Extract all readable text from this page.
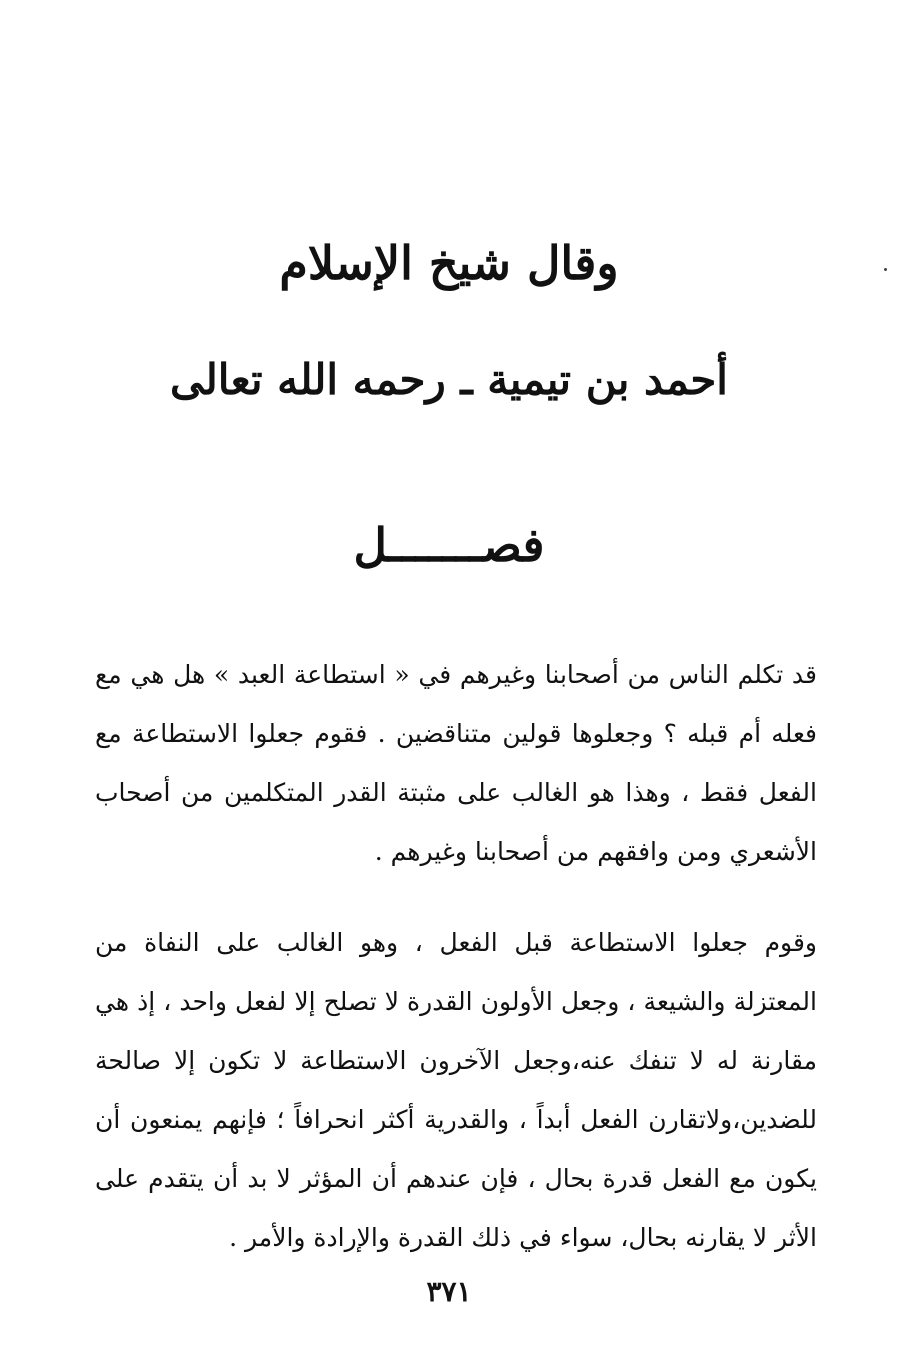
وقال شيخ الإسلام
أحمد بن تيمية ـ رحمه الله تعالى
فصـــــــل

قد تكلم الناس من أصحابنا وغيرهم في « استطاعة العبد » هل هي مع فعله أم قبله ؟ وجعلوها قولين متناقضين . فقوم جعلوا الاستطاعة مع الفعل فقط ، وهذا هو الغالب على مثبتة القدر المتكلمين من أصحاب الأشعري ومن وافقهم من أصحابنا وغيرهم .

وقوم جعلوا الاستطاعة قبل الفعل ، وهو الغالب على النفاة من المعتزلة والشيعة ، وجعل الأولون القدرة لا تصلح إلا لفعل واحد ، إذ هي مقارنة له لا تنفك عنه،وجعل الآخرون الاستطاعة لا تكون إلا صالحة للضدين،ولاتقارن الفعل أبداً ، والقدرية أكثر انحرافاً ؛ فإنهم يمنعون أن يكون مع الفعل قدرة بحال ، فإن عندهم أن المؤثر لا بد أن يتقدم على الأثر لا يقارنه بحال، سواء في ذلك القدرة والإرادة والأمر .

٣٧١
